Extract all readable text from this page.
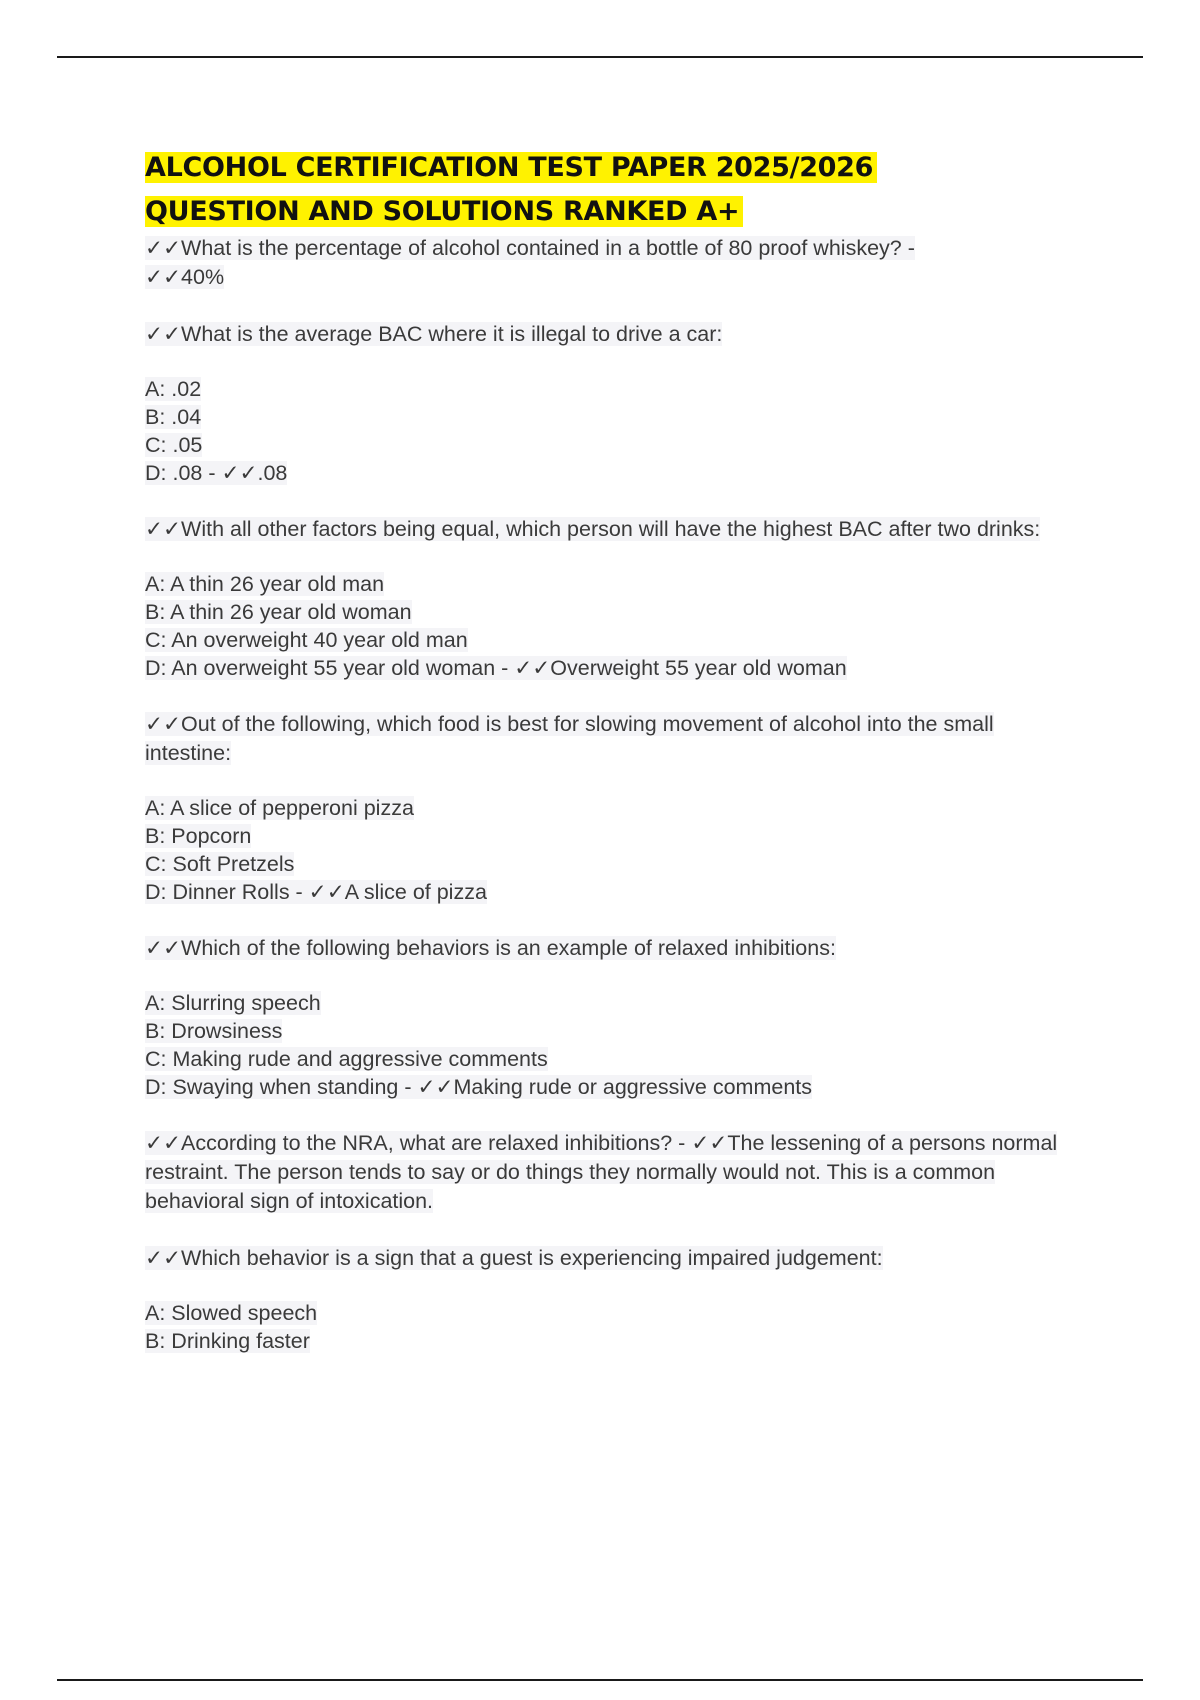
ALCOHOL CERTIFICATION TEST PAPER 2025/2026
QUESTION AND SOLUTIONS RANKED A+

✓✓What is the percentage of alcohol contained in a bottle of 80 proof whiskey? -
✓✓40%

✓✓What is the average BAC where it is illegal to drive a car:

A: .02
B: .04
C: .05
D: .08 - ✓✓.08

✓✓With all other factors being equal, which person will have the highest BAC after two drinks:

A: A thin 26 year old man
B: A thin 26 year old woman
C: An overweight 40 year old man
D: An overweight 55 year old woman - ✓✓Overweight 55 year old woman

✓✓Out of the following, which food is best for slowing movement of alcohol into the small intestine:

A: A slice of pepperoni pizza
B: Popcorn
C: Soft Pretzels
D: Dinner Rolls - ✓✓A slice of pizza

✓✓Which of the following behaviors is an example of relaxed inhibitions:

A: Slurring speech
B: Drowsiness
C: Making rude and aggressive comments
D: Swaying when standing - ✓✓Making rude or aggressive comments

✓✓According to the NRA, what are relaxed inhibitions? - ✓✓The lessening of a persons normal restraint. The person tends to say or do things they normally would not. This is a common behavioral sign of intoxication.

✓✓Which behavior is a sign that a guest is experiencing impaired judgement:

A: Slowed speech
B: Drinking faster
